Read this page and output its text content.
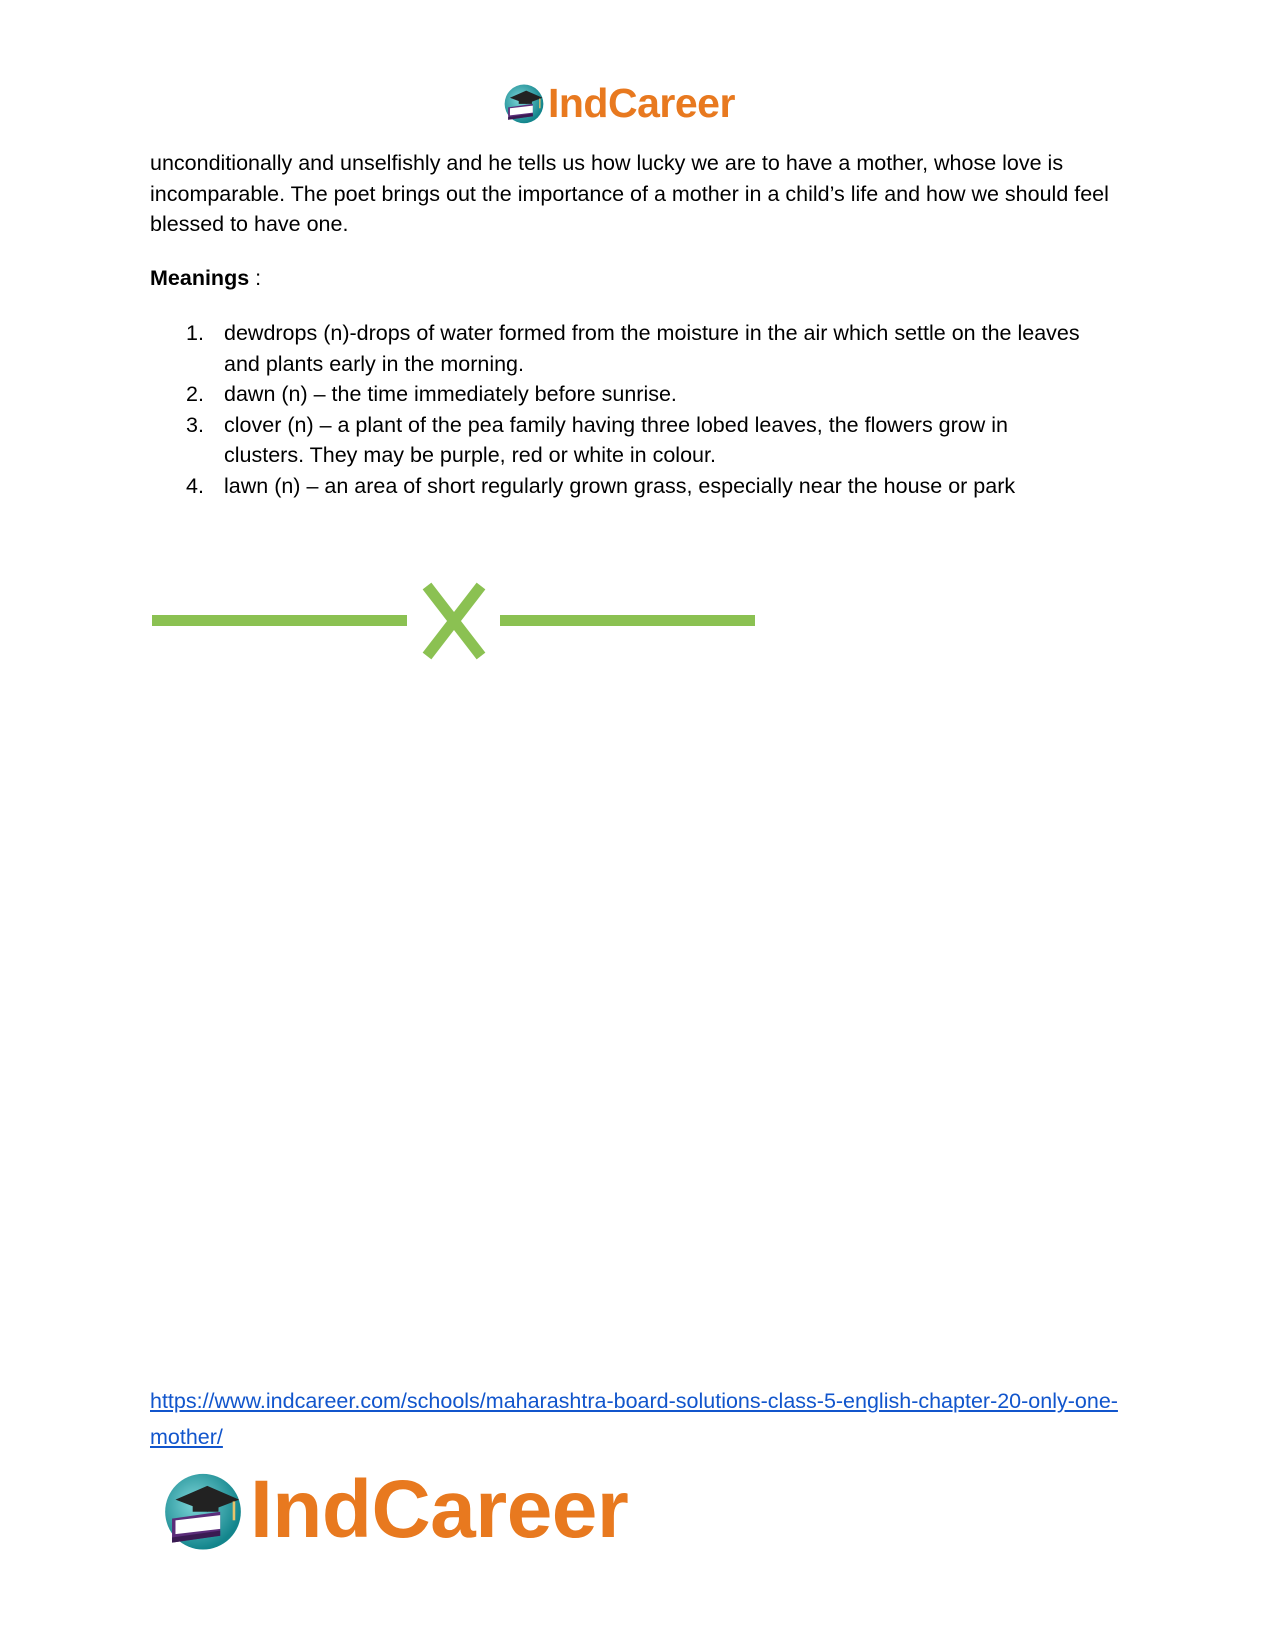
IndCareer

unconditionally and unselfishly and he tells us how lucky we are to have a mother, whose love is incomparable. The poet brings out the importance of a mother in a child’s life and how we should feel blessed to have one.

Meanings :

1. dewdrops (n)-drops of water formed from the moisture in the air which settle on the leaves and plants early in the morning.
2. dawn (n) – the time immediately before sunrise.
3. clover (n) – a plant of the pea family having three lobed leaves, the flowers grow in clusters. They may be purple, red or white in colour.
4. lawn (n) – an area of short regularly grown grass, especially near the house or park
https://www.indcareer.com/schools/maharashtra-board-solutions-class-5-english-chapter-20-only-one-mother/
IndCareer
